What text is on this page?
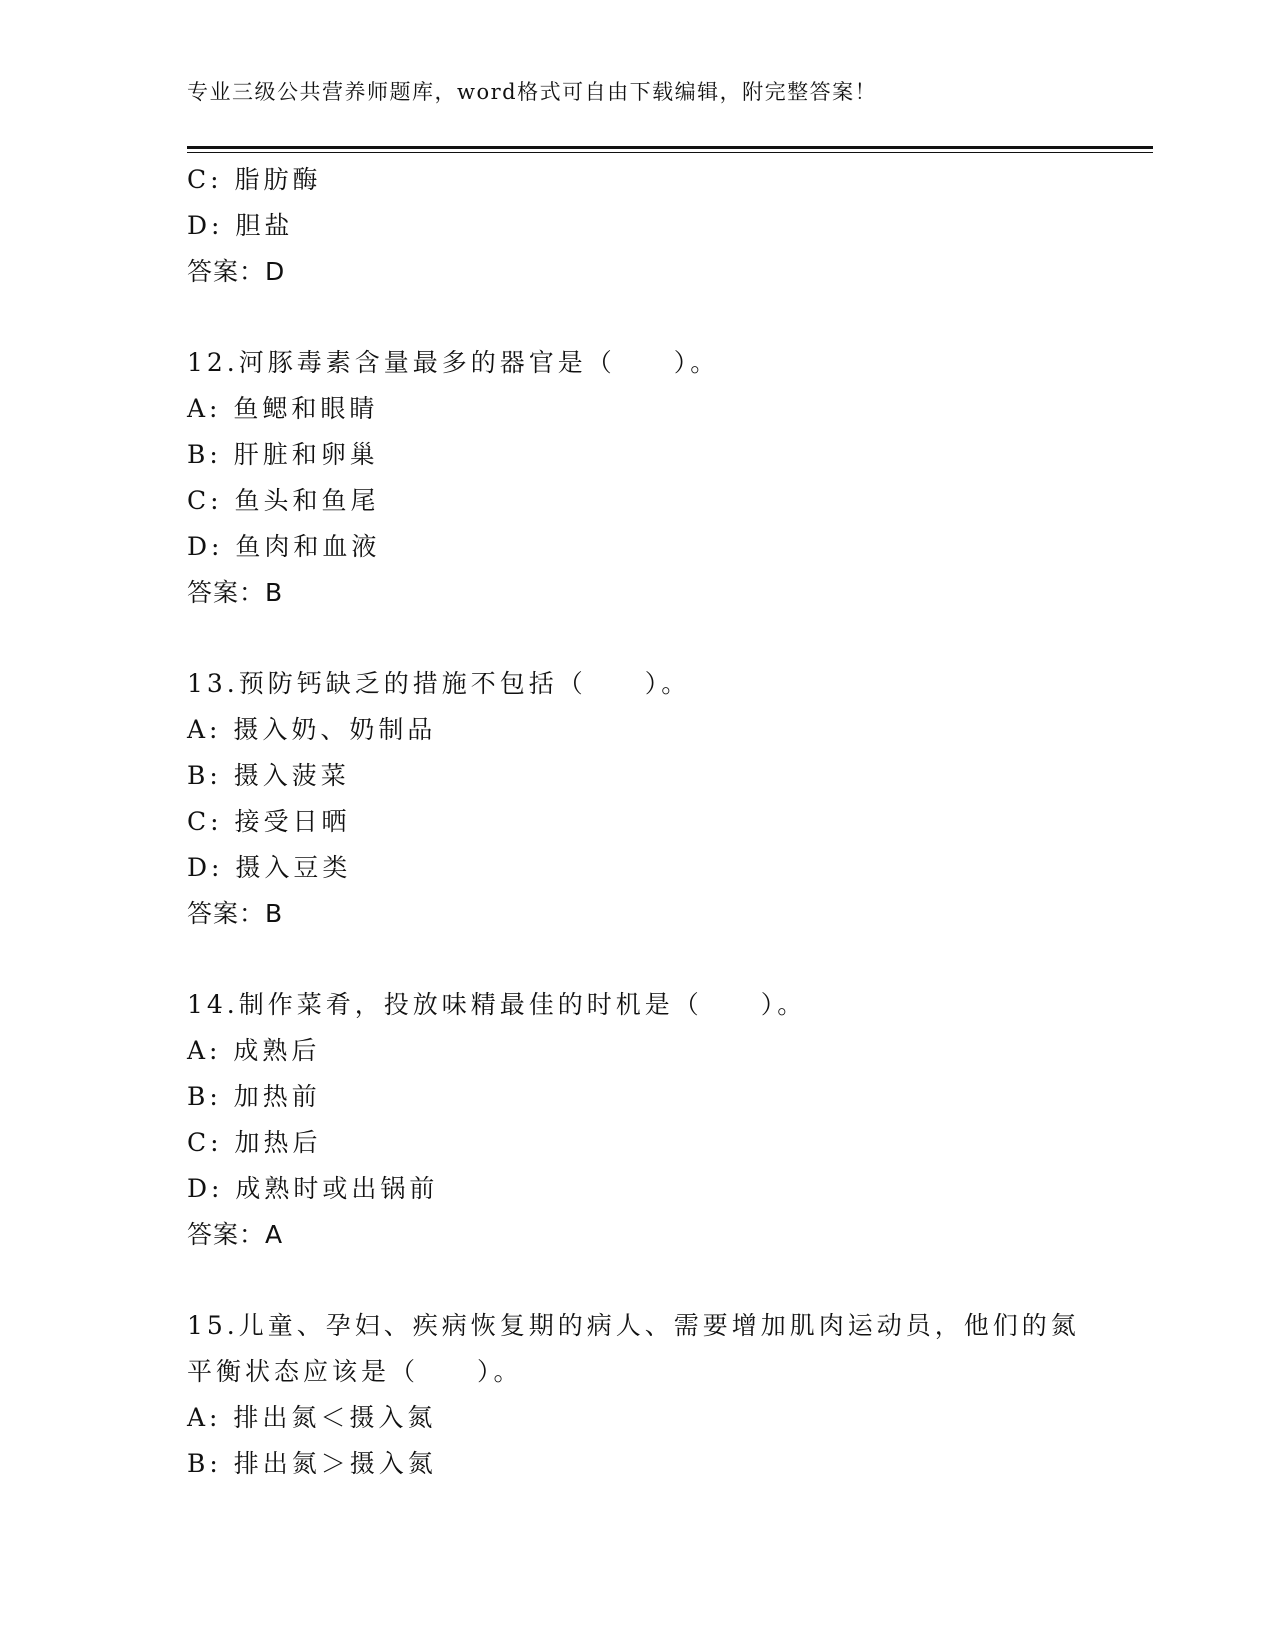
专业三级公共营养师题库，word格式可自由下载编辑，附完整答案！
C: 脂肪酶
D: 胆盐
答案：D
12.河豚毒素含量最多的器官是（　　）。
A: 鱼鳃和眼睛
B: 肝脏和卵巢
C: 鱼头和鱼尾
D: 鱼肉和血液
答案：B
13.预防钙缺乏的措施不包括（　　）。
A: 摄入奶、奶制品
B: 摄入菠菜
C: 接受日晒
D: 摄入豆类
答案：B
14.制作菜肴，投放味精最佳的时机是（　　）。
A: 成熟后
B: 加热前
C: 加热后
D: 成熟时或出锅前
答案：A
15.儿童、孕妇、疾病恢复期的病人、需要增加肌肉运动员，他们的氮
平衡状态应该是（　　）。
A: 排出氮＜摄入氮
B: 排出氮＞摄入氮
